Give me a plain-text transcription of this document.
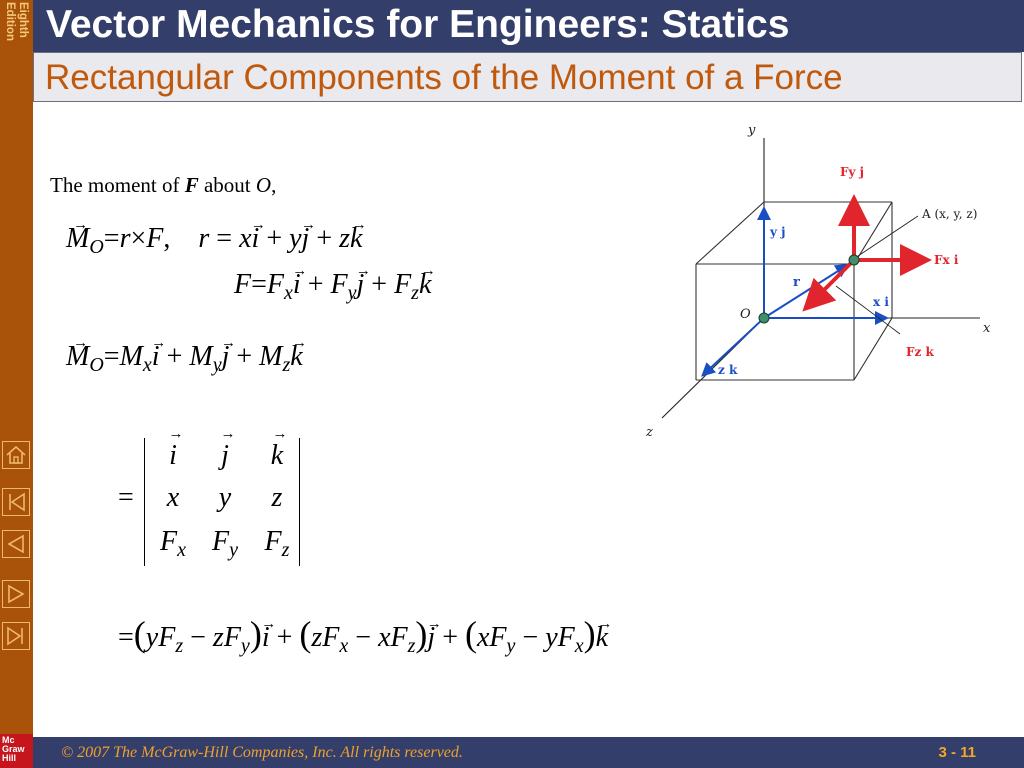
Eighth
Edition
Mc
Graw
Hill
Vector Mechanics for Engineers: Statics
Rectangular Components of the Moment of a Force
The moment of F about O,
→ $M_O=r\times F$,    r = x→ i + y→ j + z→ k
$F=F_x\to i + F_y\to j + F_z\to k$
→ $M_O=M_x\to i + M_y\to j + M_z\to k$
=
→ i	→ j	→ k
x	y	z
$F_x$ $F_y$ $F_z$
$=(yF_z - zF_y)\to i + (zF_x - xF_z)\to j + (xF_y - yF_x)\to k$
y
x
z
O
A (x, y, z)
r
y j
x i
z k
Fy j
Fx i
Fz k
© 2007 The McGraw-Hill Companies, Inc. All rights reserved.	3 - 11
